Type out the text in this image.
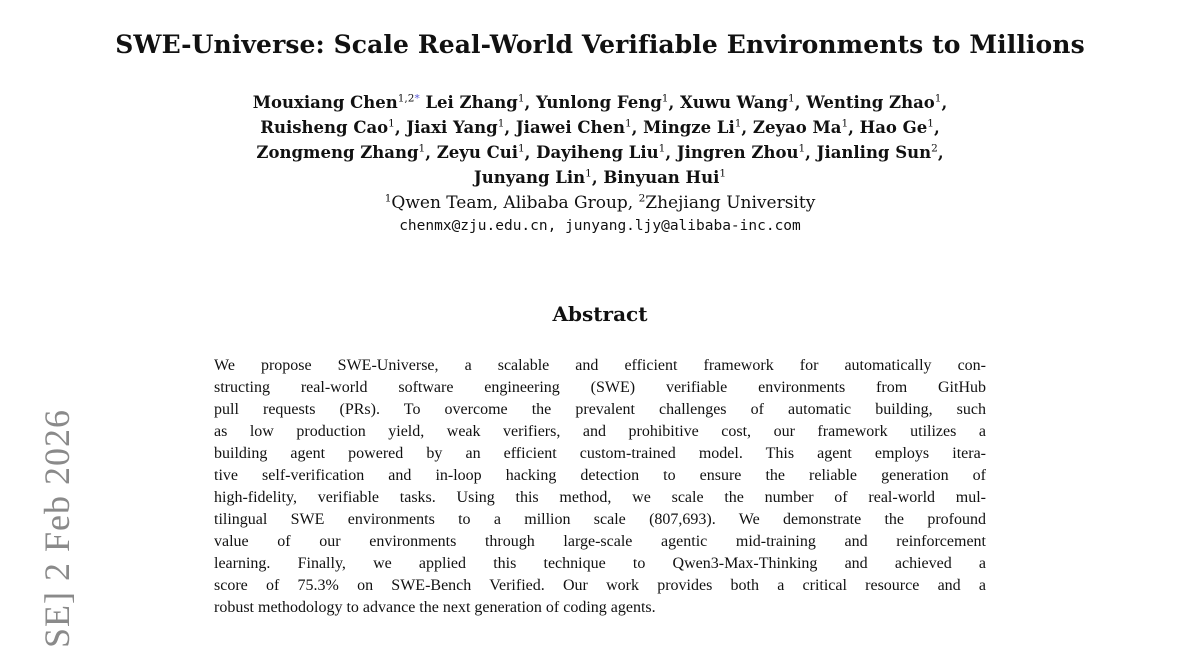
SWE-Universe: Scale Real-World Verifiable Environments to Millions
Mouxiang Chen$^{1,2*}$ Lei Zhang$^1$, Yunlong Feng$^1$, Xuwu Wang$^1$, Wenting Zhao$^1$,
Ruisheng Cao$^1$, Jiaxi Yang$^1$, Jiawei Chen$^1$, Mingze Li$^1$, Zeyao Ma$^1$, Hao Ge$^1$,
Zongmeng Zhang$^1$, Zeyu Cui$^1$, Dayiheng Liu$^1$, Jingren Zhou$^1$, Jianling Sun$^2$,
Junyang Lin$^1$, Binyuan Hui$^1$
$^1$Qwen Team, Alibaba Group, $^2$Zhejiang University
chenmx@zju.edu.cn, junyang.ljy@alibaba-inc.com
Abstract
We propose SWE-Universe, a scalable and efficient framework for automatically con-
structing real-world software engineering (SWE) verifiable environments from GitHub
pull requests (PRs). To overcome the prevalent challenges of automatic building, such
as low production yield, weak verifiers, and prohibitive cost, our framework utilizes a
building agent powered by an efficient custom-trained model. This agent employs itera-
tive self-verification and in-loop hacking detection to ensure the reliable generation of
high-fidelity, verifiable tasks. Using this method, we scale the number of real-world mul-
tilingual SWE environments to a million scale (807,693). We demonstrate the profound
value of our environments through large-scale agentic mid-training and reinforcement
learning. Finally, we applied this technique to Qwen3-Max-Thinking and achieved a
score of 75.3% on SWE-Bench Verified. Our work provides both a critical resource and a
robust methodology to advance the next generation of coding agents.
SE] 2 Feb 2026
